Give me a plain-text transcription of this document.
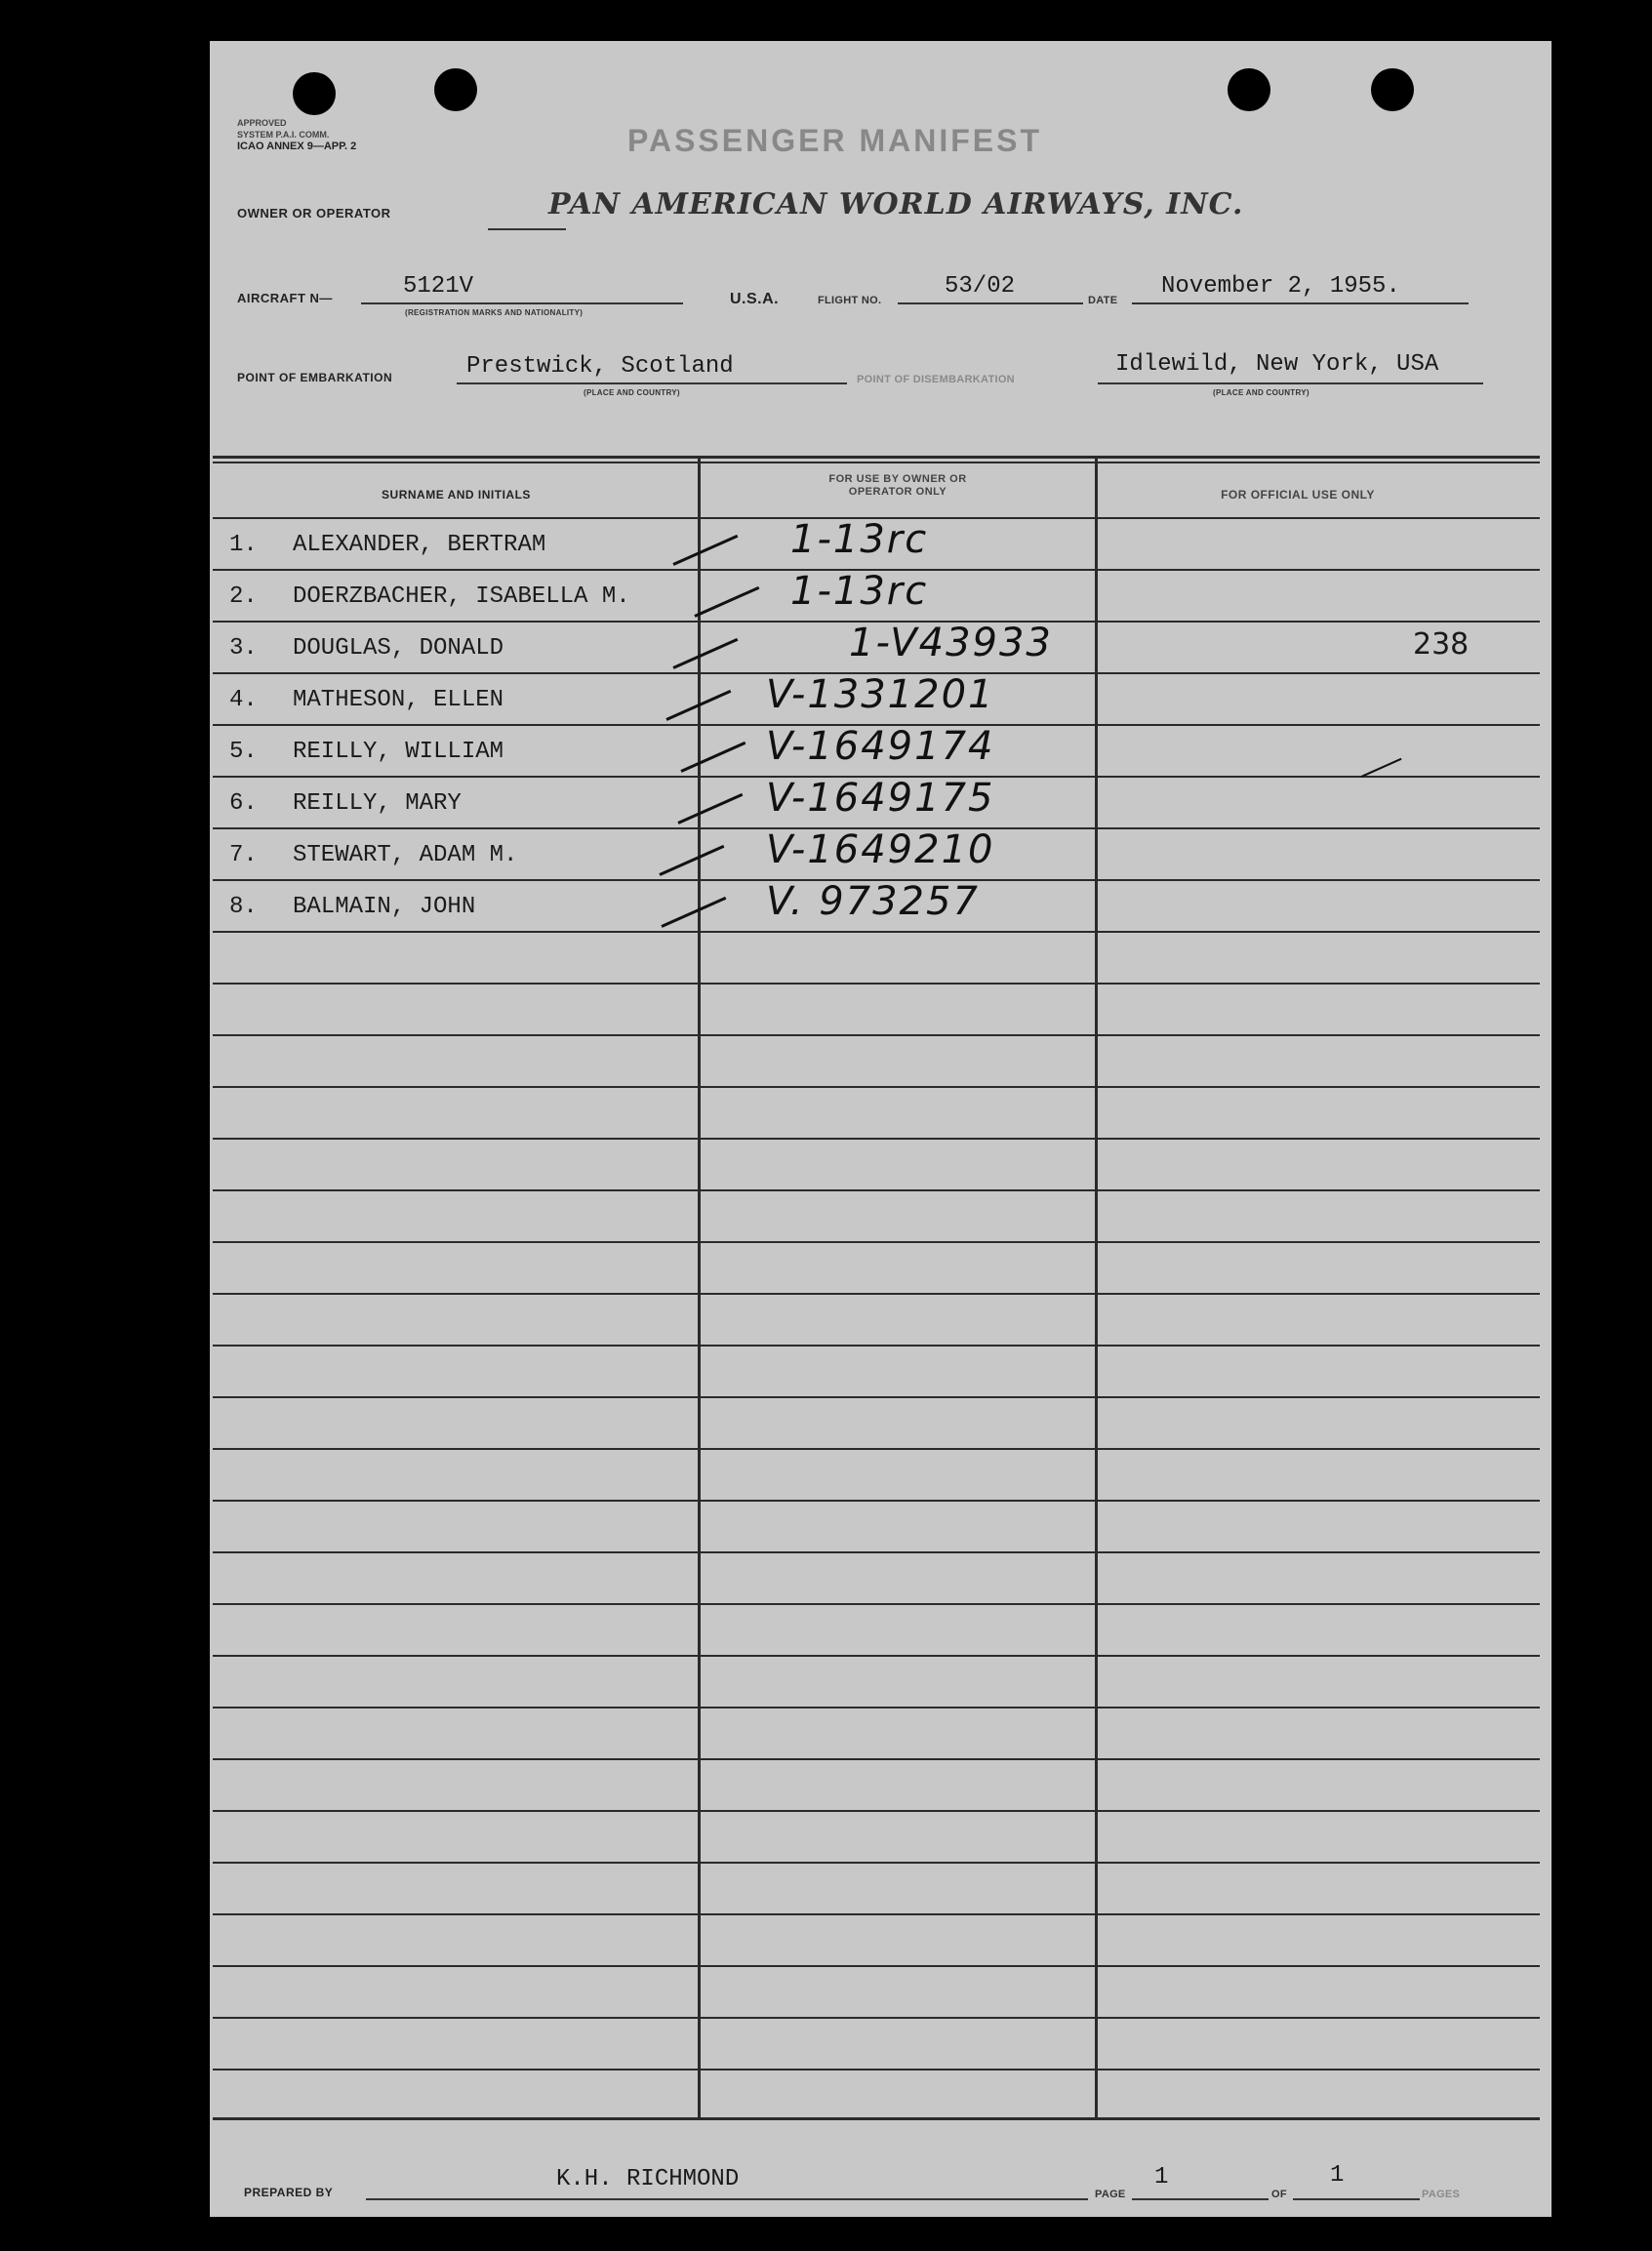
APPROVED
SYSTEM P.A.I. COMM.
ICAO ANNEX 9—APP. 2	PASSENGER MANIFEST
OWNER OR OPERATOR	PAN AMERICAN WORLD AIRWAYS, INC.
AIRCRAFT N—	5121V
(REGISTRATION MARKS AND NATIONALITY)
U.S.A.	FLIGHT NO.
53/02
DATE
November 2, 1955.
POINT OF EMBARKATION	Prestwick, Scotland
(PLACE AND COUNTRY)
POINT OF DISEMBARKATION
Idlewild, New York, USA
(PLACE AND COUNTRY)
SURNAME AND INITIALS
FOR USE BY OWNER OR OPERATOR ONLY	FOR OFFICIAL USE ONLY
1. ALEXANDER, BERTRAM	1-13rc
2. DOERZBACHER, ISABELLA M.	1-13rc
3. DOUGLAS, DONALD	1-V43933	238
4. MATHESON, ELLEN	V-1331201
5. REILLY, WILLIAM	V-1649174
6. REILLY, MARY	V-1649175
7. STEWART, ADAM M.	V-1649210
8. BALMAIN, JOHN	V. 973257
PREPARED BY	K.H. RICHMOND
PAGE
1
OF
1
PAGES
